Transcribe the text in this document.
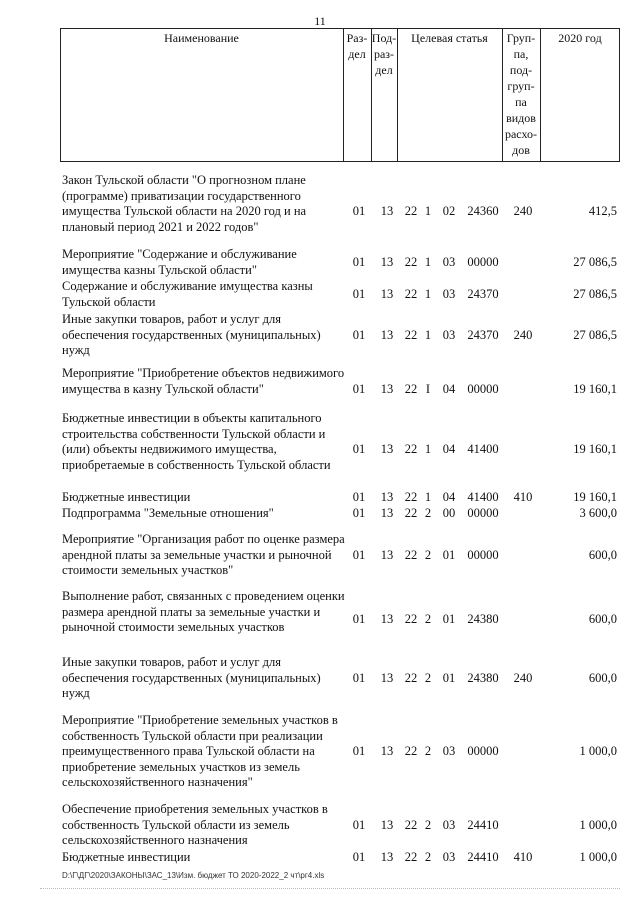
11
Наименование	Раз-
дел
Под-
раз-
дел
Целевая статья	Груп-
па,
под-
груп-
па
видов
расхо-
дов
2020 год
Закон Тульской области "О прогнозном плане (программе) приватизации государственного имущества Тульской области на 2020 год и на плановый период 2021 и 2022 годов"
01	13 22 1 02 24360	240	412,5
Мероприятие "Содержание и обслуживание имущества казны Тульской области"
01	13 22 1 03 00000	27 086,5
Содержание и обслуживание имущества казны Тульской области
01	13 22 1 03 24370	27 086,5
Иные закупки товаров, работ и услуг для обеспечения государственных (муниципальных) нужд
01	13 22 1 03 24370	240	27 086,5
Мероприятие "Приобретение объектов недвижимого имущества в казну Тульской области"	01	13 22 I	04 00000	19 160,1
Бюджетные инвестиции в объекты капитального строительства собственности Тульской области и (или) объекты недвижимого имущества, приобретаемые в собственность Тульской области
01	13 22 1 04 41400	19 160,1
Бюджетные инвестиции	01	13 22 1 04 41400	410	19 160,1
Подпрограмма "Земельные отношения"	01	13 22 2 00 00000	3 600,0
Мероприятие "Организация работ по оценке размера арендной платы за земельные участки и рыночной стоимости земельных участков"
01	13 22 2 01 00000	600,0
Выполнение работ, связанных с проведением оценки размера арендной платы за земельные участки и рыночной стоимости земельных участков
01	13 22 2 01 24380	600,0
Иные закупки товаров, работ и услуг для обеспечения государственных (муниципальных) нужд
01	13 22 2 01 24380	240	600,0
Мероприятие "Приобретение земельных участков в собственность Тульской области при реализации преимущественного права Тульской области на приобретение земельных участков из земель сельскохозяйственного назначения"
01	13 22 2 03 00000	1 000,0
Обеспечение приобретения земельных участков в собственность Тульской области из земель сельскохозяйственного назначения
01	13 22 2 03 24410	1 000,0
Бюджетные инвестиции	01	13 22 2 03 24410	410	1 000,0
D:\Г\ДГ\2020\ЗАКОНЫ\ЗАС_13\Изм. бюджет ТО 2020-2022_2 чт\рг4.xls
